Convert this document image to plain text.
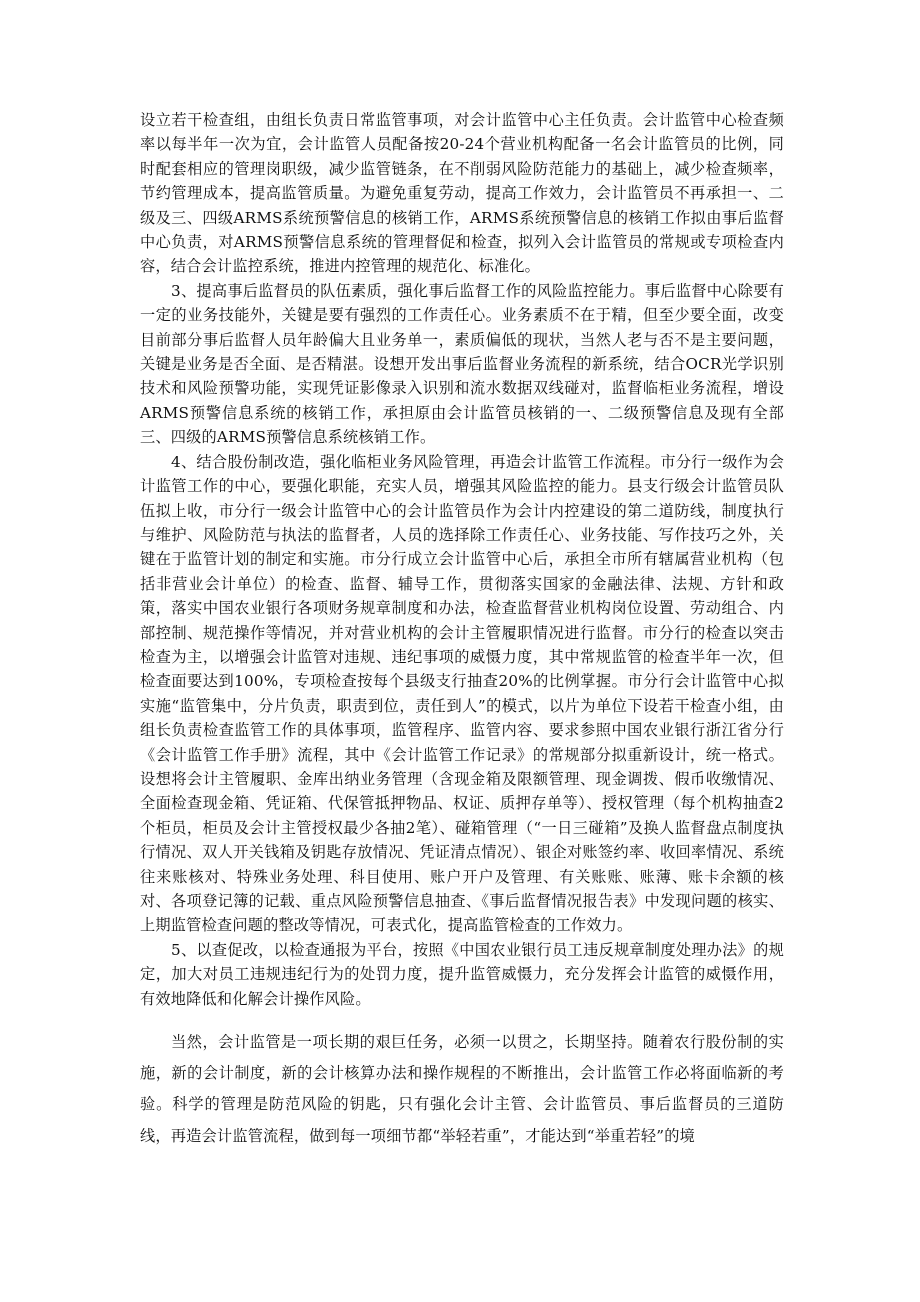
设立若干检查组，由组长负责日常监管事项，对会计监管中心主任负责。会计监管中心检查频率以每半年一次为宜，会计监管人员配备按20-24个营业机构配备一名会计监管员的比例，同时配套相应的管理岗职级，减少监管链条，在不削弱风险防范能力的基础上，减少检查频率，节约管理成本，提高监管质量。为避免重复劳动，提高工作效力，会计监管员不再承担一、二级及三、四级ARMS系统预警信息的核销工作，ARMS系统预警信息的核销工作拟由事后监督中心负责，对ARMS预警信息系统的管理督促和检查，拟列入会计监管员的常规或专项检查内容，结合会计监控系统，推进内控管理的规范化、标准化。

3、提高事后监督员的队伍素质，强化事后监督工作的风险监控能力。事后监督中心除要有一定的业务技能外，关键是要有强烈的工作责任心。业务素质不在于精，但至少要全面，改变目前部分事后监督人员年龄偏大且业务单一，素质偏低的现状，当然人老与否不是主要问题，关键是业务是否全面、是否精湛。设想开发出事后监督业务流程的新系统，结合OCR光学识别技术和风险预警功能，实现凭证影像录入识别和流水数据双线碰对，监督临柜业务流程，增设ARMS预警信息系统的核销工作，承担原由会计监管员核销的一、二级预警信息及现有全部三、四级的ARMS预警信息系统核销工作。

4、结合股份制改造，强化临柜业务风险管理，再造会计监管工作流程。市分行一级作为会计监管工作的中心，要强化职能，充实人员，增强其风险监控的能力。县支行级会计监管员队伍拟上收，市分行一级会计监管中心的会计监管员作为会计内控建设的第二道防线，制度执行与维护、风险防范与执法的监督者，人员的选择除工作责任心、业务技能、写作技巧之外，关键在于监管计划的制定和实施。市分行成立会计监管中心后，承担全市所有辖属营业机构（包括非营业会计单位）的检查、监督、辅导工作，贯彻落实国家的金融法律、法规、方针和政策，落实中国农业银行各项财务规章制度和办法，检查监督营业机构岗位设置、劳动组合、内部控制、规范操作等情况，并对营业机构的会计主管履职情况进行监督。市分行的检查以突击检查为主，以增强会计监管对违规、违纪事项的威慑力度，其中常规监管的检查半年一次，但检查面要达到100%，专项检查按每个县级支行抽查20%的比例掌握。市分行会计监管中心拟实施“监管集中，分片负责，职责到位，责任到人”的模式，以片为单位下设若干检查小组，由组长负责检查监管工作的具体事项，监管程序、监管内容、要求参照中国农业银行浙江省分行《会计监管工作手册》流程，其中《会计监管工作记录》的常规部分拟重新设计，统一格式。设想将会计主管履职、金库出纳业务管理（含现金箱及限额管理、现金调拨、假币收缴情况、全面检查现金箱、凭证箱、代保管抵押物品、权证、质押存单等）、授权管理（每个机构抽查2个柜员，柜员及会计主管授权最少各抽2笔）、碰箱管理（“一日三碰箱”及换人监督盘点制度执行情况、双人开关钱箱及钥匙存放情况、凭证清点情况）、银企对账签约率、收回率情况、系统往来账核对、特殊业务处理、科目使用、账户开户及管理、有关账账、账薄、账卡余额的核对、各项登记簿的记载、重点风险预警信息抽查、《事后监督情况报告表》中发现问题的核实、上期监管检查问题的整改等情况，可表式化，提高监管检查的工作效力。

5、以查促改，以检查通报为平台，按照《中国农业银行员工违反规章制度处理办法》的规定，加大对员工违规违纪行为的处罚力度，提升监管威慑力，充分发挥会计监管的威慑作用，有效地降低和化解会计操作风险。

当然，会计监管是一项长期的艰巨任务，必须一以贯之，长期坚持。随着农行股份制的实施，新的会计制度，新的会计核算办法和操作规程的不断推出，会计监管工作必将面临新的考验。科学的管理是防范风险的钥匙，只有强化会计主管、会计监管员、事后监督员的三道防线，再造会计监管流程，做到每一项细节都“举轻若重”，才能达到“举重若轻”的境
